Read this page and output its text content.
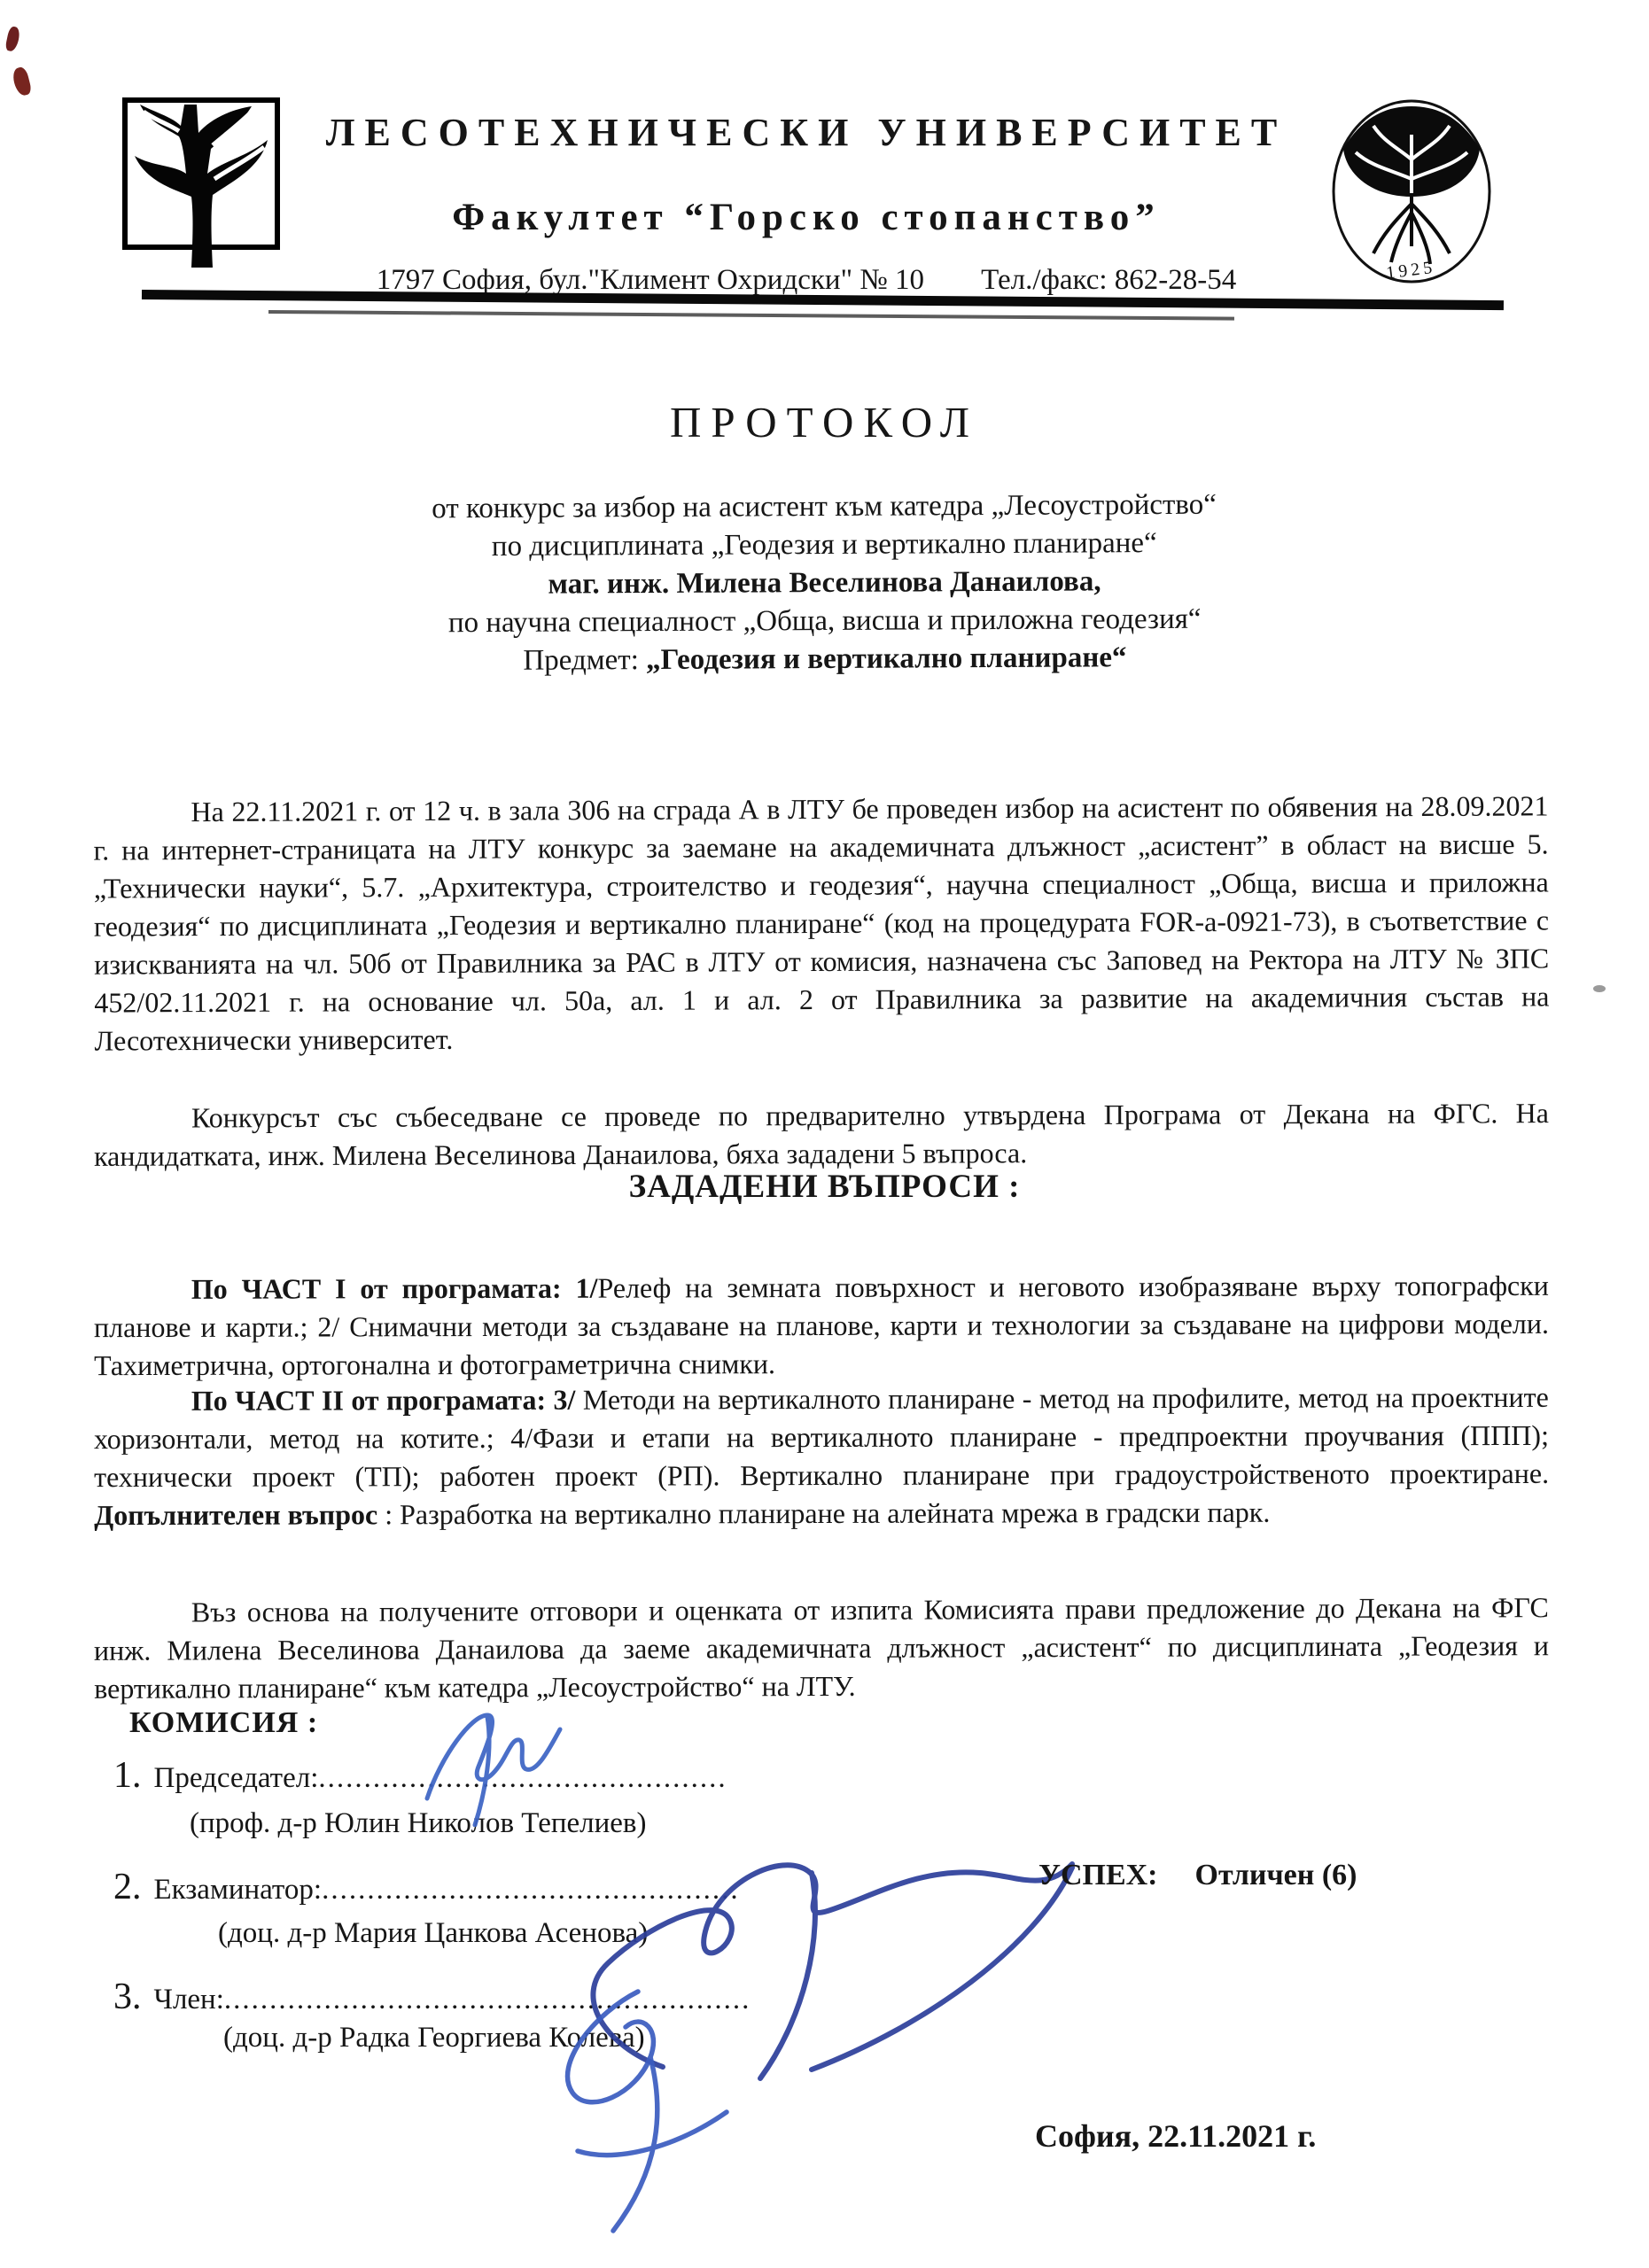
ЛЕСОТЕХНИЧЕСКИ УНИВЕРСИТЕТ
Факултет “Горско стопанство”
1797 София, бул."Климент Охридски" № 10 Тел./факс: 862-28-54	1925
ПРОТОКОЛ
от конкурс за избор на асистент към катедра „Лесоустройство“
по дисциплината „Геодезия и вертикално планиране“
маг. инж. Милена Веселинова Данаилова,
по научна специалност „Обща, висша и приложна геодезия“
Предмет: „Геодезия и вертикално планиране“

На 22.11.2021 г. от 12 ч. в зала 306 на сграда А в ЛТУ бе проведен избор на асистент по обявения на 28.09.2021 г. на интернет-страницата на ЛТУ конкурс за заемане на академичната длъжност „асистент” в област на висше 5. „Технически науки“, 5.7. „Архитектура, строителство и геодезия“, научна специалност „Обща, висша и приложна геодезия“ по дисциплината „Геодезия и вертикално планиране“ (код на процедурата FOR-a-0921-73), в съответствие с изискванията на чл. 50б от Правилника за РАС в ЛТУ от комисия, назначена със Заповед на Ректора на ЛТУ № ЗПС 452/02.11.2021 г. на основание чл. 50а, ал. 1 и ал. 2 от Правилника за развитие на академичния състав на Лесотехнически университет.

Конкурсът със събеседване се проведе по предварително утвърдена Програма от Декана на ФГС. На кандидатката, инж. Милена Веселинова Данаилова, бяха зададени 5 въпроса.

ЗАДАДЕНИ ВЪПРОСИ :

По ЧАСТ I от програмата: 1/Релеф на земната повърхност и неговото изобразяване върху топографски планове и карти.; 2/ Снимачни методи за създаване на планове, карти и технологии за създаване на цифрови модели. Тахиметрична, ортогонална и фотограметрична снимки.

По ЧАСТ II от програмата: 3/ Методи на вертикалното планиране - метод на профилите, метод на проектните хоризонтали, метод на котите.; 4/Фази и етапи на вертикалното планиране - предпроектни проучвания (ППП); технически проект (ТП); работен проект (РП). Вертикално планиране при градоустройственото проектиране. Допълнителен въпрос : Разработка на вертикално планиране на алейната мрежа в градски парк.

Въз основа на получените отговори и оценката от изпита Комисията прави предложение до Декана на ФГС инж. Милена Веселинова Данаилова да заеме академичната длъжност „асистент“ по дисциплината „Геодезия и вертикално планиране“ към катедра „Лесоустройство“ на ЛТУ.

КОМИСИЯ :
1. Председател:.............................................
(проф. д-р Юлин Николов Тепелиев)
2. Екзаминатор:..............................................
(доц. д-р Мария Цанкова Асенова)
3. Член:..........................................................
(доц. д-р Радка Георгиева Колева)
УСПЕХ: Отличен (6)
София, 22.11.2021 г.
